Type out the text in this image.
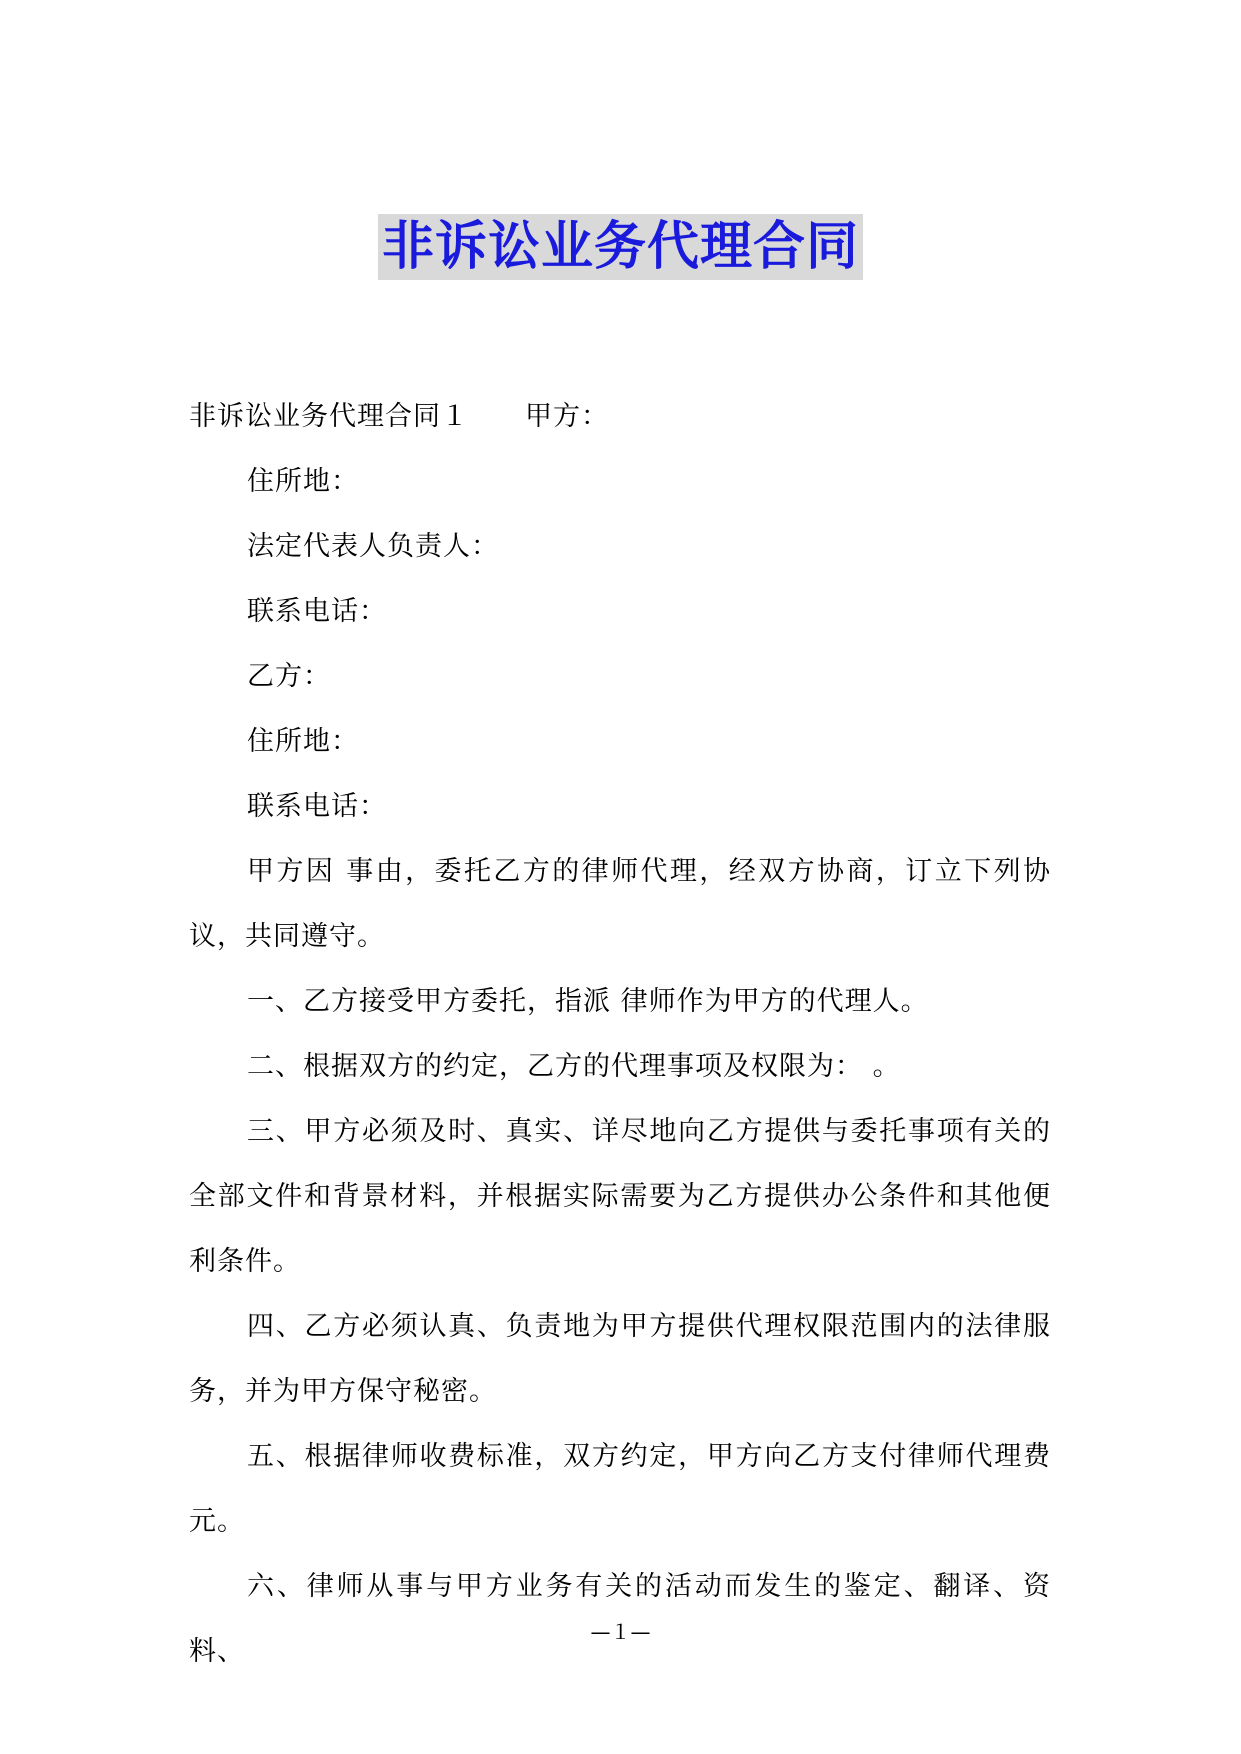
非诉讼业务代理合同

非诉讼业务代理合同１ 甲方：

住所地：

法定代表人负责人：

联系电话：

乙方：

住所地：

联系电话：

甲方因 事由，委托乙方的律师代理，经双方协商，订立下列协议，共同遵守。

一、乙方接受甲方委托，指派 律师作为甲方的代理人。

二、根据双方的约定，乙方的代理事项及权限为： 。

三、甲方必须及时、真实、详尽地向乙方提供与委托事项有关的全部文件和背景材料，并根据实际需要为乙方提供办公条件和其他便利条件。

四、乙方必须认真、负责地为甲方提供代理权限范围内的法律服务，并为甲方保守秘密。

五、根据律师收费标准，双方约定，甲方向乙方支付律师代理费 元。

六、律师从事与甲方业务有关的活动而发生的鉴定、翻译、资料、

—１—
